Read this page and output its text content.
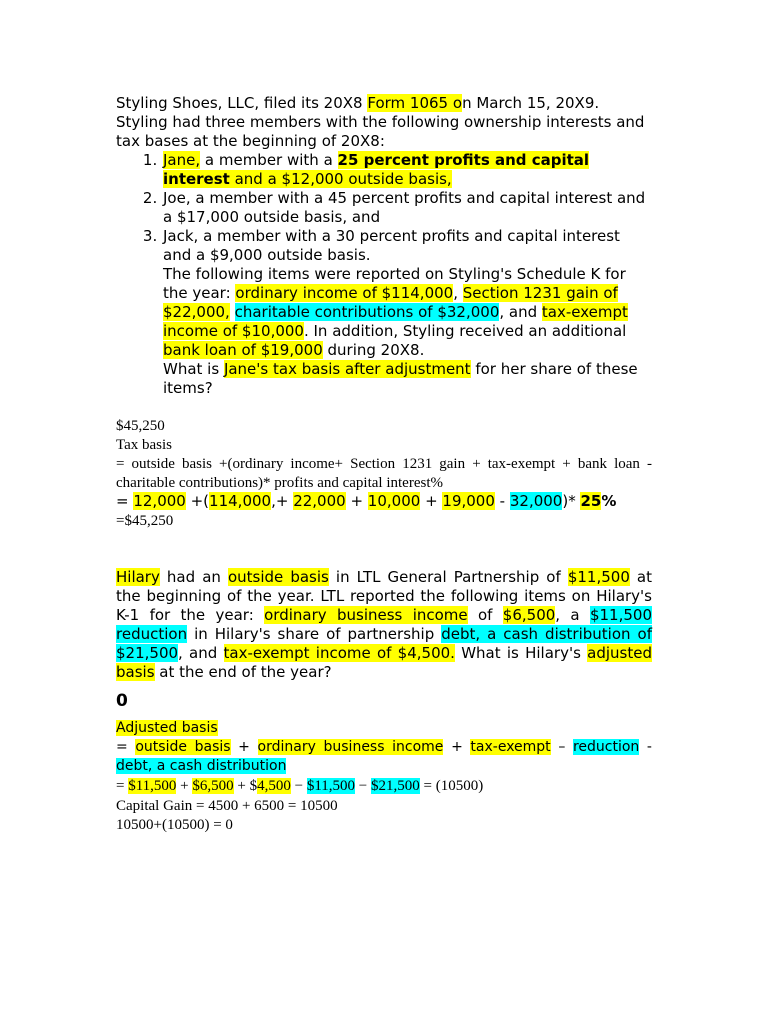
Styling Shoes, LLC, filed its 20X8 Form 1065 on March 15, 20X9. Styling had three members with the following ownership interests and tax bases at the beginning of 20X8:
1. Jane, a member with a 25 percent profits and capital interest and a $12,000 outside basis,
2. Joe, a member with a 45 percent profits and capital interest and a $17,000 outside basis, and
3. Jack, a member with a 30 percent profits and capital interest and a $9,000 outside basis.
The following items were reported on Styling's Schedule K for the year: ordinary income of $114,000, Section 1231 gain of $22,000, charitable contributions of $32,000, and tax-exempt income of $10,000. In addition, Styling received an additional bank loan of $19,000 during 20X8.
What is Jane's tax basis after adjustment for her share of these items?
$45,250
Tax basis
= outside basis +(ordinary income+ Section 1231 gain + tax-exempt + bank loan - charitable contributions)* profits and capital interest%
= 12,000 +(114,000,+ 22,000 + 10,000 + 19,000 - 32,000)* 25%
=$45,250
Hilary had an outside basis in LTL General Partnership of $11,500 at the beginning of the year. LTL reported the following items on Hilary's K-1 for the year: ordinary business income of $6,500, a $11,500 reduction in Hilary's share of partnership debt, a cash distribution of $21,500, and tax-exempt income of $4,500. What is Hilary's adjusted basis at the end of the year?
0
Adjusted basis
= outside basis + ordinary business income + tax-exempt – reduction - debt, a cash distribution
= $11,500 + $6,500 + $4,500 − $11,500 − $21,500 = (10500)
Capital Gain = 4500 + 6500 = 10500
10500+(10500) = 0
